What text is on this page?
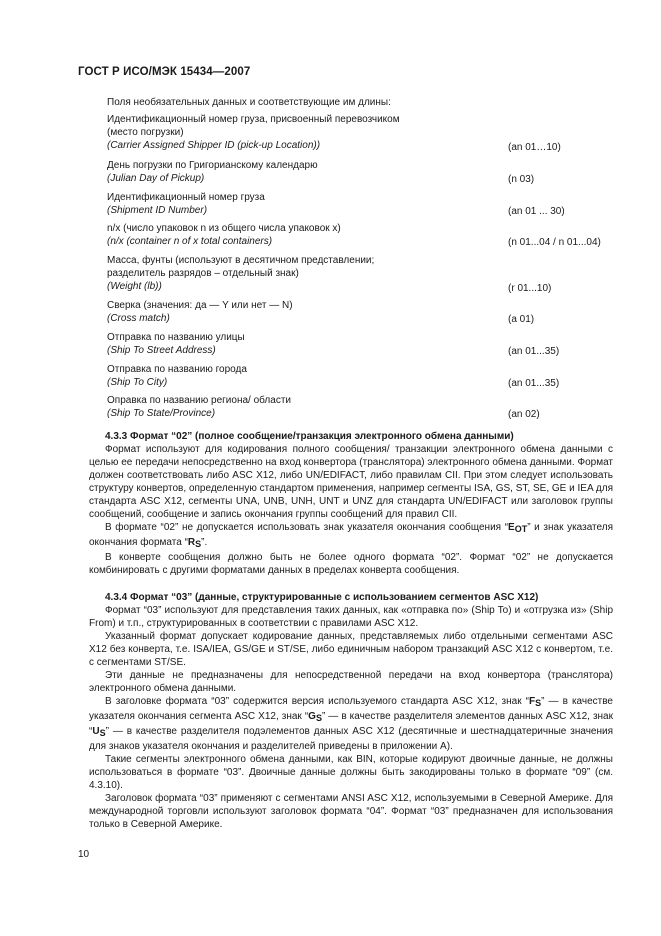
ГОСТ Р ИСО/МЭК 15434—2007
Поля необязательных данных и соответствующие им длины:
Идентификационный номер груза, присвоенный перевозчиком
(место погрузки)
(Carrier Assigned Shipper ID (pick-up Location))	(an 01…10)
День погрузки по Григорианскому календарю
(Julian Day of Pickup)	(n 03)
Идентификационный номер груза
(Shipment ID Number)	(an 01 ... 30)
n/x (число упаковок n из общего числа упаковок x)
(n/x (container n of x total containers)	(n 01...04 / n 01...04)
Масса, фунты (используют в десятичном представлении;
разделитель разрядов – отдельный знак)
(Weight (lb))	(r 01...10)
Сверка (значения: да — Y или нет — N)
(Cross match)	(a 01)
Отправка по названию улицы
(Ship To Street Address)	(an 01...35)
Отправка по названию города
(Ship To City)	(an 01...35)
Оправка по названию региона/ области
(Ship To State/Province)	(an 02)

4.3.3 Формат “02” (полное сообщение/транзакция электронного обмена данными)

Формат используют для кодирования полного сообщения/ транзакции электронного обмена данными с целью ее передачи непосредственно на вход конвертора (транслятора) электронного обмена данными. Формат должен соответствовать либо ASC X12, либо UN/EDIFACT, либо правилам CII. При этом следует использовать структуру конвертов, определенную стандартом применения, например сегменты ISA, GS, ST, SE, GE и IEA для стандарта ASC X12, сегменты UNA, UNB, UNH, UNT и UNZ для стандарта UN/EDIFACT или заголовок группы сообщений, сообщение и запись окончания группы сообщений для правил CII.

В формате “02” не допускается использовать знак указателя окончания сообщения “$E_{OT}$” и знак указателя окончания формата “$R_S$”.

В конверте сообщения должно быть не более одного формата “02”. Формат “02” не допускается комбинировать с другими форматами данных в пределах конверта сообщения.

4.3.4 Формат “03” (данные, структурированные с использованием сегментов ASC X12)

Формат “03” используют для представления таких данных, как «отправка по» (Ship To) и «отгрузка из» (Ship From) и т.п., структурированных в соответствии с правилами ASC X12.

Указанный формат допускает кодирование данных, представляемых либо отдельными сегментами ASC X12 без конверта, т.е. ISA/IEA, GS/GE и ST/SE, либо единичным набором транзакций ASC X12 с конвертом, т.е. с сегментами ST/SE.

Эти данные не предназначены для непосредственной передачи на вход конвертора (транслятора) электронного обмена данными.

В заголовке формата “03” содержится версия используемого стандарта ASC X12, знак “$F_S$” — в качестве указателя окончания сегмента ASC X12, знак “$G_S$” — в качестве разделителя элементов данных ASC X12, знак “$U_S$” — в качестве разделителя подэлементов данных ASC X12 (десятичные и шестнадцатеричные значения для знаков указателя окончания и разделителей приведены в приложении А).

Такие сегменты электронного обмена данными, как BIN, которые кодируют двоичные данные, не должны использоваться в формате “03”. Двоичные данные должны быть закодированы только в формате “09” (см. 4.3.10).

Заголовок формата “03” применяют с сегментами ANSI ASC X12, используемыми в Северной Америке. Для международной торговли используют заголовок формата “04”. Формат “03” предназначен для использования только в Северной Америке.

10
